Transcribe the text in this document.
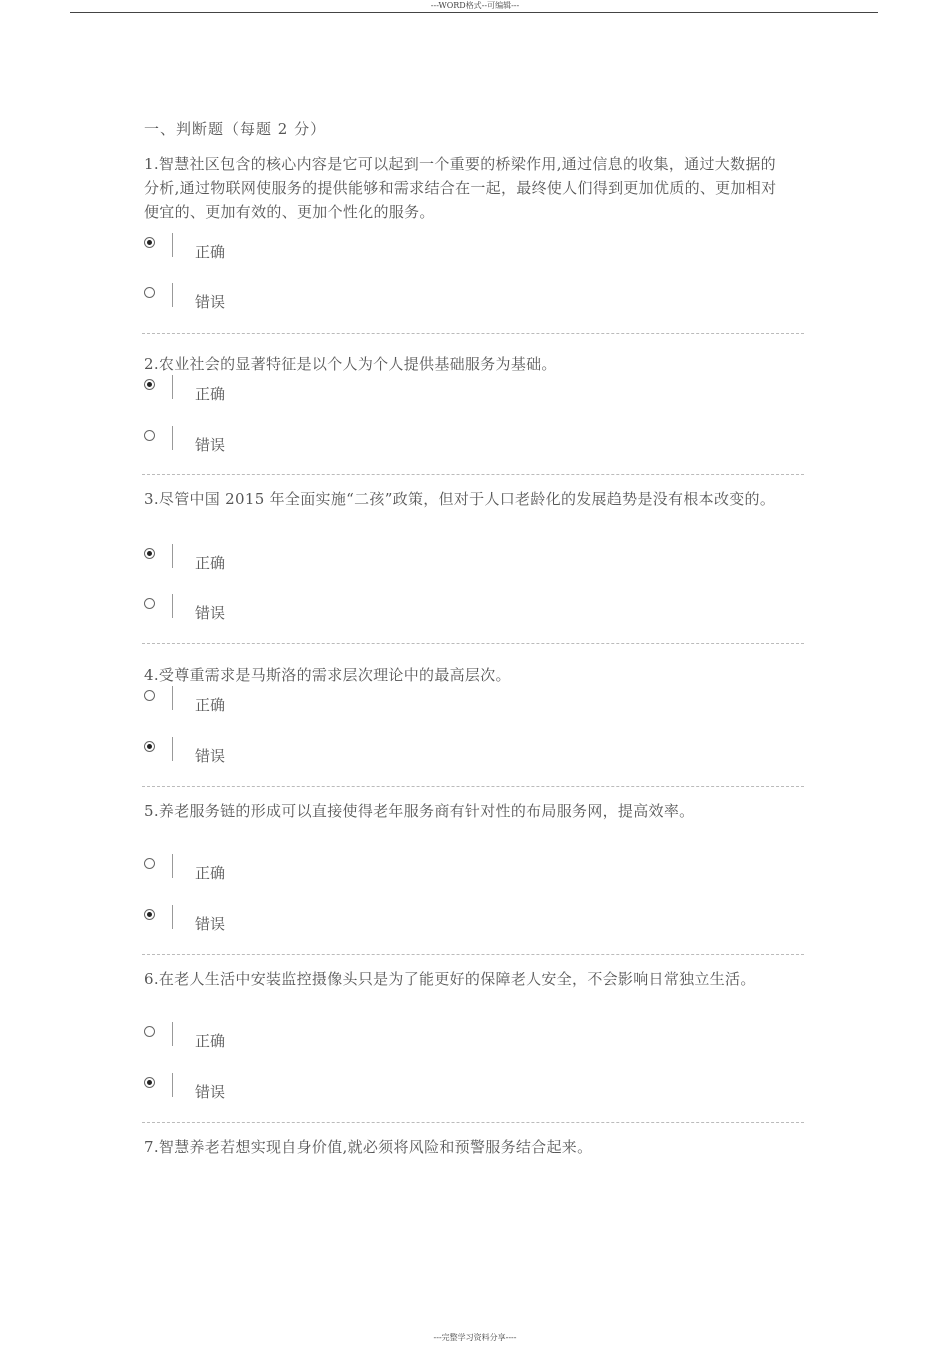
---WORD格式--可编辑---
一、判断题（每题 2 分）
1.智慧社区包含的核心内容是它可以起到一个重要的桥梁作用,通过信息的收集，通过大数据的分析,通过物联网使服务的提供能够和需求结合在一起，最终使人们得到更加优质的、更加相对便宜的、更加有效的、更加个性化的服务。
正确
错误
2.农业社会的显著特征是以个人为个人提供基础服务为基础。
正确
错误
3.尽管中国 2015 年全面实施“二孩”政策，但对于人口老龄化的发展趋势是没有根本改变的。
正确
错误
4.受尊重需求是马斯洛的需求层次理论中的最高层次。
正确
错误
5.养老服务链的形成可以直接使得老年服务商有针对性的布局服务网，提高效率。
正确
错误
6.在老人生活中安装监控摄像头只是为了能更好的保障老人安全，不会影响日常独立生活。
正确
错误
7.智慧养老若想实现自身价值,就必须将风险和预警服务结合起来。
---完整学习资料分享----
